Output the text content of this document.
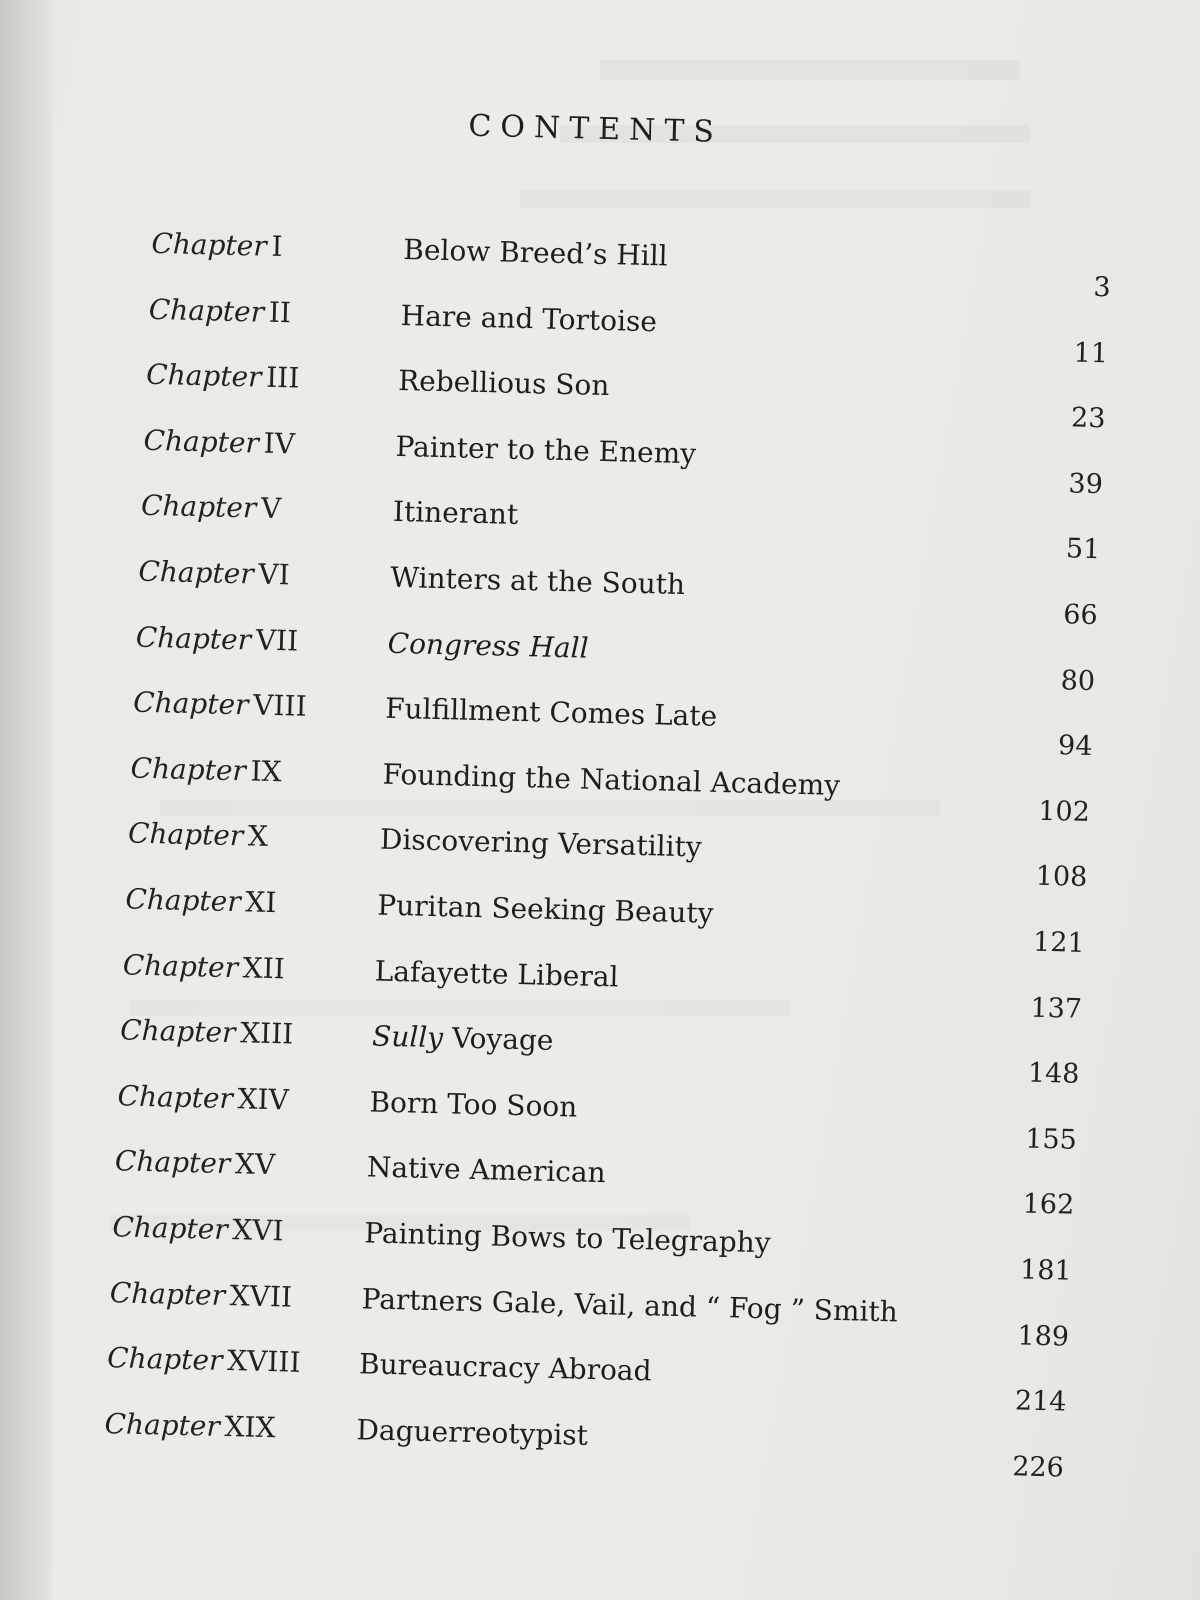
CONTENTS
Chapter I	Below Breed’s Hill
3
Chapter II	Hare and Tortoise
11
Chapter III	Rebellious Son
23
Chapter IV	Painter to the Enemy
39
Chapter V	Itinerant
51
Chapter VI	Winters at the South
66
Chapter VII	Congress Hall
80
Chapter VIII	Fulfillment Comes Late
94
Chapter IX	Founding the National Academy
102
Chapter X	Discovering Versatility
108
Chapter XI	Puritan Seeking Beauty
121
Chapter XII	Lafayette Liberal
137
Chapter XIII	Sully Voyage
148
Chapter XIV	Born Too Soon
155
Chapter XV	Native American
162
Chapter XVI	Painting Bows to Telegraphy
181
Chapter XVII Partners Gale, Vail, and “ Fog ” Smith
189
Chapter XVIII Bureaucracy Abroad
214
Chapter XIX	Daguerreotypist
226
